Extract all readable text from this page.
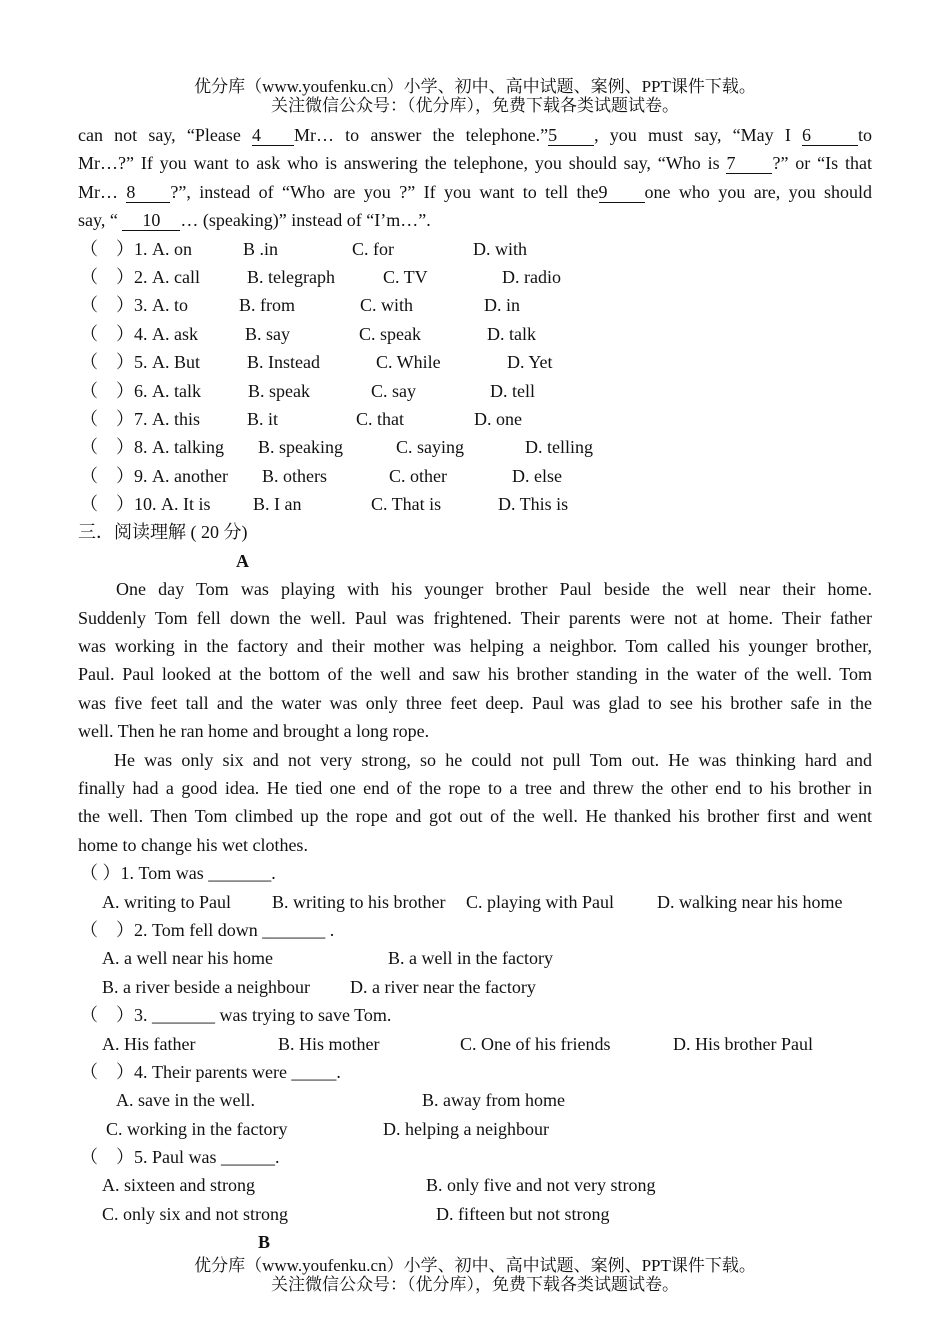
优分库（www.youfenku.cn）小学、初中、高中试题、案例、PPT课件下载。
关注微信公众号：（优分库），免费下载各类试题试卷。
can not say, “Please 4 Mr… to answer the telephone.”5 , you must say, “May I 6	to
Mr…?” If you want to ask who is answering the telephone, you should say, “Who is 7 ?” or “Is that
Mr… 8 ?”, instead of “Who are you ?” If you want to tell the9 one who you are, you should
say, “ 10 … (speaking)” instead of “I’m…”.
（　）1. A. on	B .in	C. for	D. with
（　）2. A. call	B. telegraph	C. TV	D. radio
（　）3. A. to	B. from	C. with	D. in
（　）4. A. ask	B. say	C. speak	D. talk
（　）5. A. But	B. Instead	C. While	D. Yet
（　）6. A. talk	B. speak	C. say	D. tell
（　）7. A. this	B. it	C. that	D. one
（　）8. A. talking B. speaking	C. saying	D. telling
（　）9. A. another B. others	C. other	D. else
（　）10. A. It is B. I an	C. That is	D. This is
三．阅读理解 ( 20 分)
A
One day Tom was playing with his younger brother Paul beside the well near their home.
Suddenly Tom fell down the well. Paul was frightened. Their parents were not at home. Their father
was working in the factory and their mother was helping a neighbor. Tom called his younger brother,
Paul. Paul looked at the bottom of the well and saw his brother standing in the water of the well. Tom
was five feet tall and the water was only three feet deep. Paul was glad to see his brother safe in the
well. Then he ran home and brought a long rope.
He was only six and not very strong, so he could not pull Tom out. He was thinking hard and
finally had a good idea. He tied one end of the rope to a tree and threw the other end to his brother in
the well. Then Tom climbed up the rope and got out of the well. He thanked his brother first and went
home to change his wet clothes.
（ ）1. Tom was _______.
A. writing to Paul B. writing to his brother C. playing with Paul D. walking near his home
（　）2. Tom fell down _______ .
A. a well near his home	B. a well in the factory
B. a river beside a neighbour D. a river near the factory
（　）3. _______ was trying to save Tom.
A. His father	B. His mother	C. One of his friends	D. His brother Paul
（　）4. Their parents were _____.
A. save in the well.	B. away from home
C. working in the factory	D. helping a neighbour
（　）5. Paul was ______.
A. sixteen and strong	B. only five and not very strong
C. only six and not strong	D. fifteen but not strong
B
优分库（www.youfenku.cn）小学、初中、高中试题、案例、PPT课件下载。
关注微信公众号：（优分库），免费下载各类试题试卷。
